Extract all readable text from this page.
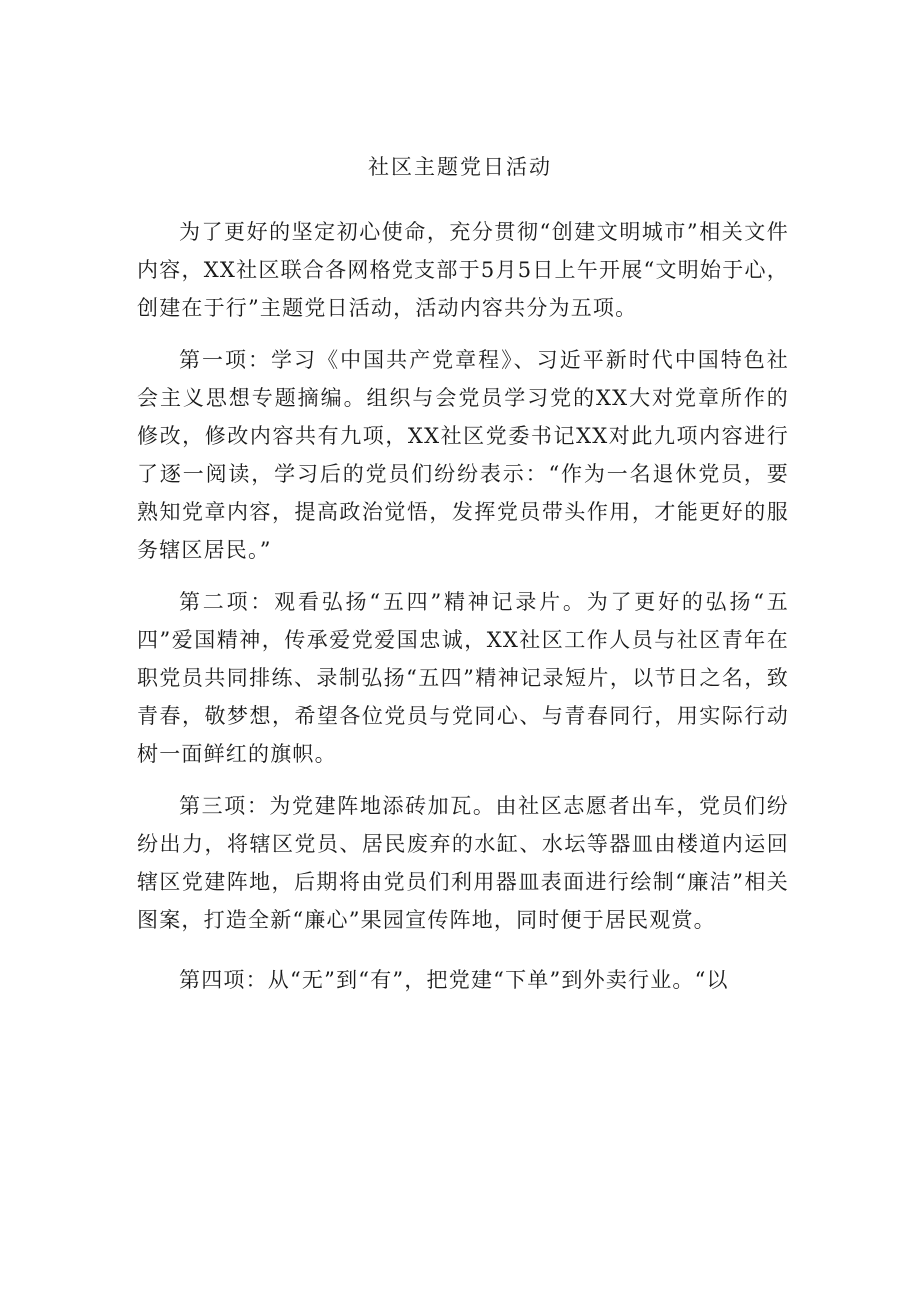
社区主题党日活动

为了更好的坚定初心使命，充分贯彻“创建文明城市”相关文件内容，XX社区联合各网格党支部于5月5日上午开展“文明始于心，创建在于行”主题党日活动，活动内容共分为五项。

第一项：学习《中国共产党章程》、习近平新时代中国特色社会主义思想专题摘编。组织与会党员学习党的XX大对党章所作的修改，修改内容共有九项，XX社区党委书记XX对此九项内容进行了逐一阅读，学习后的党员们纷纷表示：“作为一名退休党员，要熟知党章内容，提高政治觉悟，发挥党员带头作用，才能更好的服务辖区居民。”

第二项：观看弘扬“五四”精神记录片。为了更好的弘扬“五四”爱国精神，传承爱党爱国忠诚，XX社区工作人员与社区青年在职党员共同排练、录制弘扬“五四”精神记录短片，以节日之名，致青春，敬梦想，希望各位党员与党同心、与青春同行，用实际行动树一面鲜红的旗帜。

第三项：为党建阵地添砖加瓦。由社区志愿者出车，党员们纷纷出力，将辖区党员、居民废弃的水缸、水坛等器皿由楼道内运回辖区党建阵地，后期将由党员们利用器皿表面进行绘制“廉洁”相关图案，打造全新“廉心”果园宣传阵地，同时便于居民观赏。

第四项：从“无”到“有”，把党建“下单”到外卖行业。“以
